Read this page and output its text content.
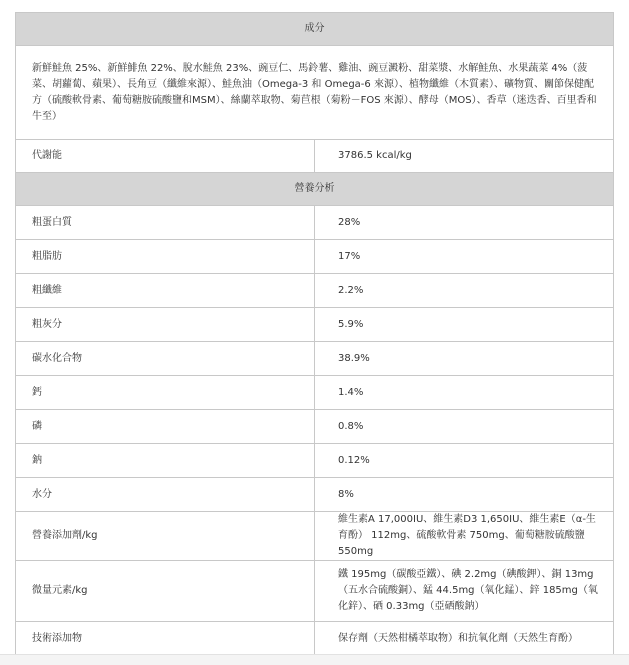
成分	
新鮮鮭魚 25%、新鮮鯡魚 22%、脫水鮭魚 23%、豌豆仁、馬鈴薯、雞油、豌豆澱粉、甜菜漿、水解鮭魚、水果蔬菜 4%（菠菜、胡蘿蔔、蘋果）、長角豆（纖維來源）、鮭魚油（Omega-3 和 Omega-6 來源）、植物纖維（木質素）、礦物質、關節保健配方（硫酸軟骨素、葡萄糖胺硫酸鹽和MSM）、絲蘭萃取物、菊苣根（菊粉－FOS 來源）、酵母（MOS）、香草（迷迭香、百里香和牛至）	
代謝能	3786.5 kcal/kg
營養分析	
粗蛋白質	28%
粗脂肪	17%
粗纖維	2.2%
粗灰分	5.9%
碳水化合物	38.9%
鈣	1.4%
磷	0.8%
鈉	0.12%
水分	8%
營養添加劑/kg	維生素A 17,000IU、維生素D3 1,650IU、維生素E（α-生育酚） 112mg、硫酸軟骨素 750mg、葡萄糖胺硫酸鹽 550mg
微量元素/kg	鐵 195mg（碳酸亞鐵）、碘 2.2mg（碘酸鉀）、銅 13mg（五水合硫酸銅）、錳 44.5mg（氧化錳）、鋅 185mg（氧化鋅）、硒 0.33mg（亞硒酸鈉）
技術添加物	保存劑（天然柑橘萃取物）和抗氧化劑（天然生育酚）
